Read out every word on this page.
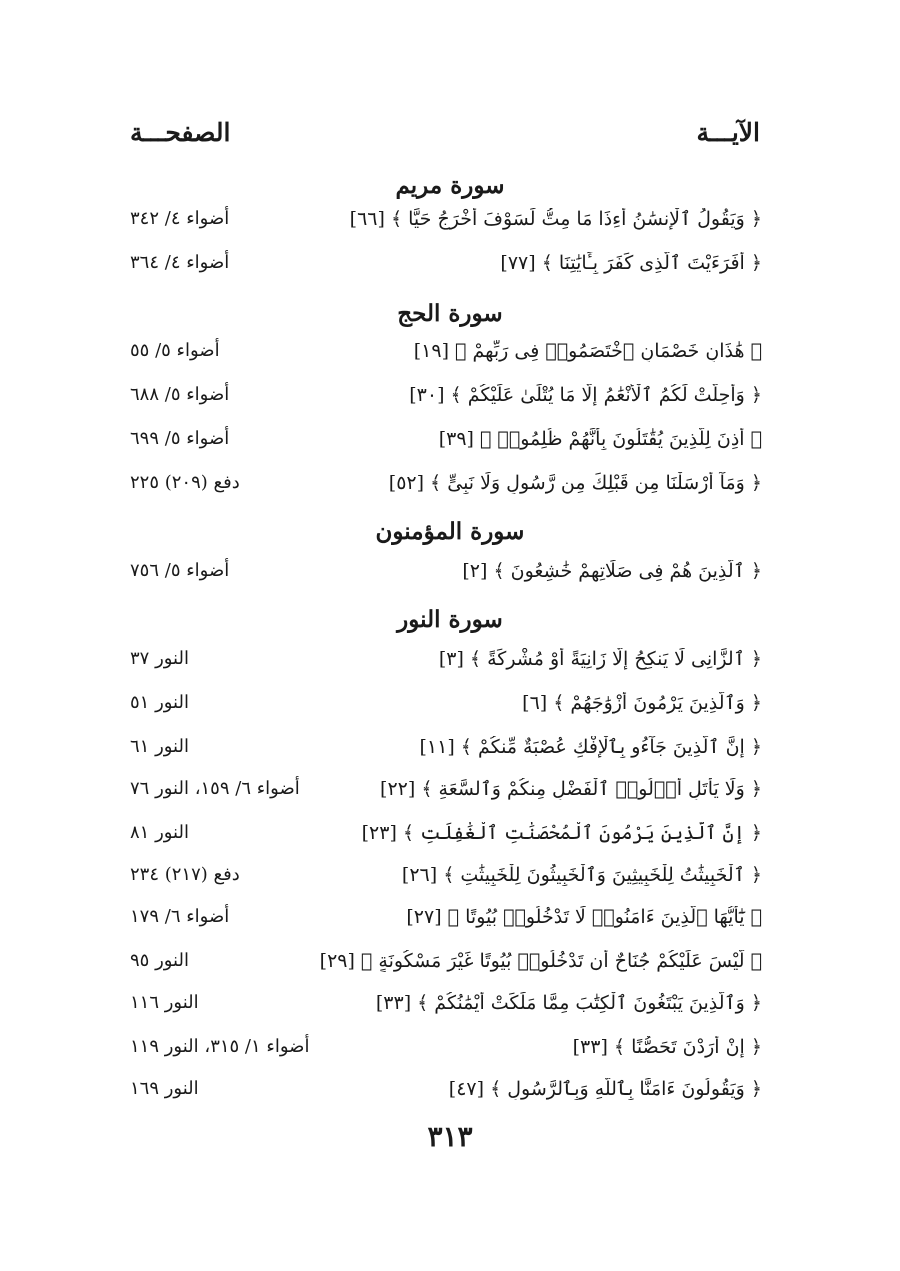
الآيـــة
الصفحـــة
سورة مريم
﴿ وَيَقُولُ ٱلْإِنسَٰنُ أَءِذَا مَا مِتُّ لَسَوْفَ أُخْرَجُ حَيًّا ﴾ [٦٦]
أضواء ٤/ ٣٤٢
﴿ أَفَرَءَيْتَ ٱلَّذِى كَفَرَ بِـَٔايَٰتِنَا ﴾ [٧٧]
أضواء ٤/ ٣٦٤
سورة الحج
﴿ هَٰذَانِ خَصْمَانِ ٱخْتَصَمُوا۟ فِى رَبِّهِمْ ﴾ [١٩]
أضواء ٥/ ٥٥
﴿ وَأُحِلَّتْ لَكُمُ ٱلْأَنْعَٰمُ إِلَّا مَا يُتْلَىٰ عَلَيْكُمْ ﴾ [٣٠]
أضواء ٥/ ٦٨٨
﴿ أُذِنَ لِلَّذِينَ يُقَٰتَلُونَ بِأَنَّهُمْ ظُلِمُوا۟ ﴾ [٣٩]
أضواء ٥/ ٦٩٩
﴿ وَمَآ أَرْسَلْنَا مِن قَبْلِكَ مِن رَّسُولٍ وَلَا نَبِىٍّ ﴾ [٥٢]
دفع (٢٠٩) ٢٢٥
سورة المؤمنون
﴿ ٱلَّذِينَ هُمْ فِى صَلَاتِهِمْ خَٰشِعُونَ ﴾ [٢]
أضواء ٥/ ٧٥٦
سورة النور
﴿ ٱلزَّانِى لَا يَنكِحُ إِلَّا زَانِيَةً أَوْ مُشْرِكَةً ﴾ [٣]
النور ٣٧
﴿ وَٱلَّذِينَ يَرْمُونَ أَزْوَٰجَهُمْ ﴾ [٦]
النور ٥١
﴿ إِنَّ ٱلَّذِينَ جَآءُو بِٱلْإِفْكِ عُصْبَةٌ مِّنكُمْ ﴾ [١١]
النور ٦١
﴿ وَلَا يَأْتَلِ أُو۟لُوا۟ ٱلْفَضْلِ مِنكُمْ وَٱلسَّعَةِ ﴾ [٢٢]
أضواء ٦/ ١٥٩، النور ٧٦
﴿ إِنَّ ٱلَّذِينَ يَرْمُونَ ٱلْمُحْصَنَٰتِ ٱلْغَٰفِلَٰتِ ﴾ [٢٣]
النور ٨١
﴿ ٱلْخَبِيثَٰتُ لِلْخَبِيثِينَ وَٱلْخَبِيثُونَ لِلْخَبِيثَٰتِ ﴾ [٢٦]
دفع (٢١٧) ٢٣٤
﴿ يَٰٓأَيُّهَا ٱلَّذِينَ ءَامَنُوا۟ لَا تَدْخُلُوا۟ بُيُوتًا ﴾ [٢٧]
أضواء ٦/ ١٧٩
﴿ لَّيْسَ عَلَيْكُمْ جُنَاحٌ أَن تَدْخُلُوا۟ بُيُوتًا غَيْرَ مَسْكُونَةٍ ﴾ [٢٩]
النور ٩٥
﴿ وَٱلَّذِينَ يَبْتَغُونَ ٱلْكِتَٰبَ مِمَّا مَلَكَتْ أَيْمَٰنُكُمْ ﴾ [٣٣]
النور ١١٦
﴿ إِنْ أَرَدْنَ تَحَصُّنًا ﴾ [٣٣]
أضواء ١/ ٣١٥، النور ١١٩
﴿ وَيَقُولُونَ ءَامَنَّا بِٱللَّهِ وَبِٱلرَّسُولِ ﴾ [٤٧]
النور ١٦٩
٣١٣
